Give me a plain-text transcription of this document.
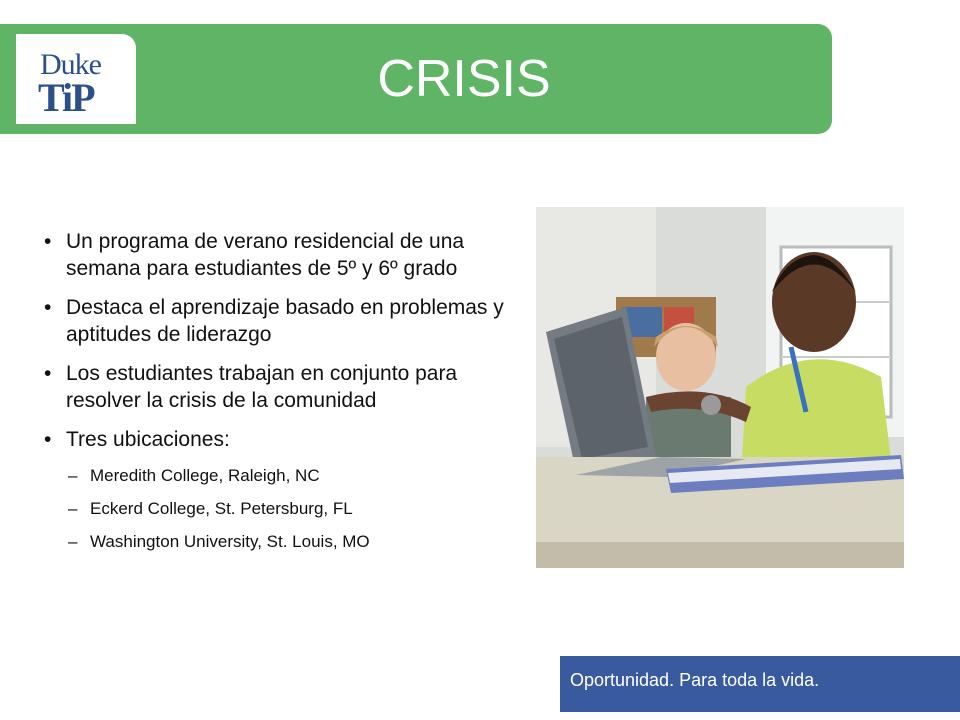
Duke
TiP	CRISIS
• Un programa de verano residencial de una semana para estudiantes de 5º y 6º grado
• Destaca el aprendizaje basado en problemas y aptitudes de liderazgo
• Los estudiantes trabajan en conjunto para resolver la crisis de la comunidad
• Tres ubicaciones:
– Meredith College, Raleigh, NC
– Eckerd College, St. Petersburg, FL
– Washington University, St. Louis, MO
Oportunidad. Para toda la vida.
